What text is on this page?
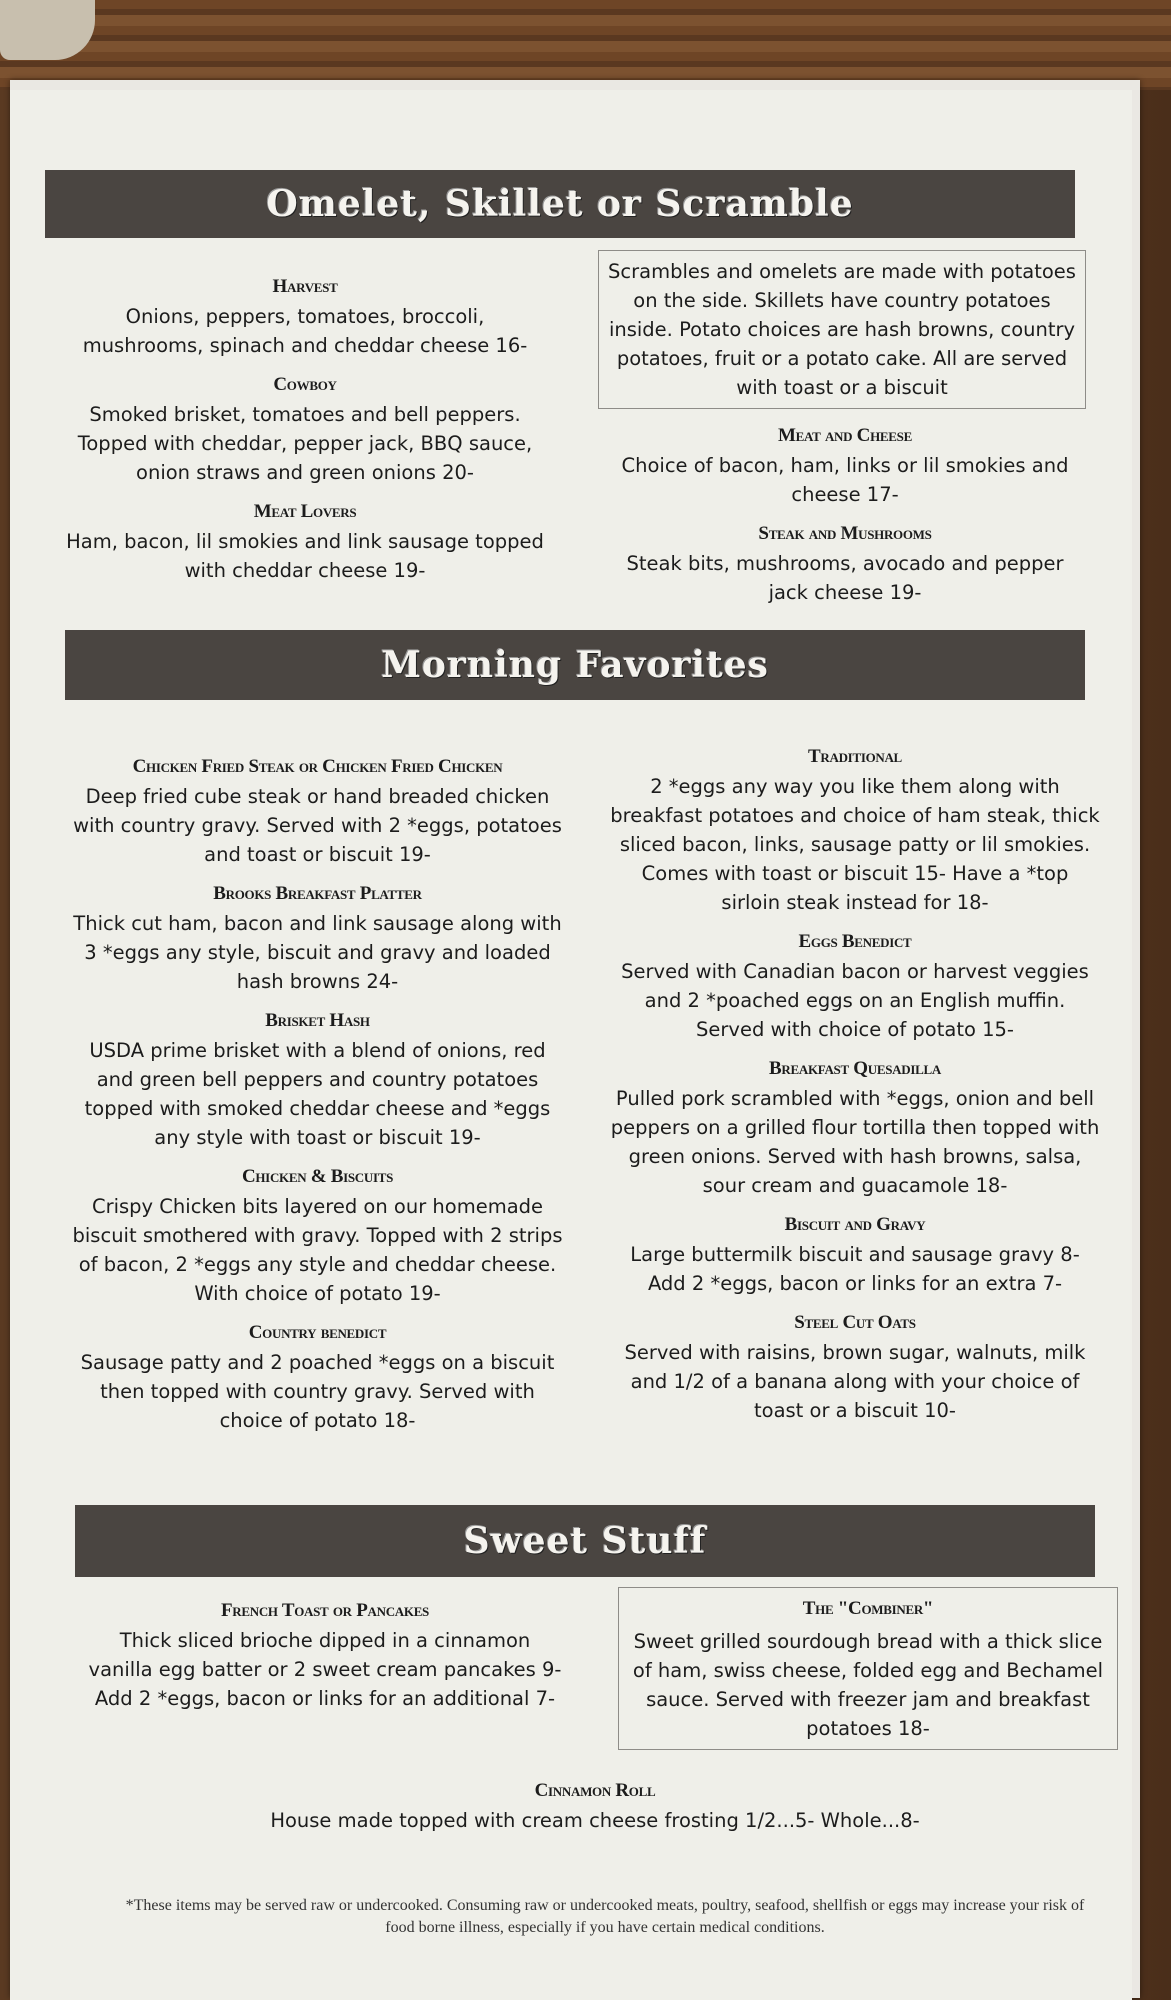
Omelet, Skillet or Scramble
Harvest
Onions, peppers, tomatoes, broccoli, mushrooms, spinach and cheddar cheese 16-
Cowboy
Smoked brisket, tomatoes and bell peppers. Topped with cheddar, pepper jack, BBQ sauce, onion straws and green onions 20-
Meat Lovers
Ham, bacon, lil smokies and link sausage topped with cheddar cheese 19-
Scrambles and omelets are made with potatoes on the side. Skillets have country potatoes inside. Potato choices are hash browns, country potatoes, fruit or a potato cake. All are served with toast or a biscuit
Meat and Cheese
Choice of bacon, ham, links or lil smokies and cheese 17-
Steak and Mushrooms
Steak bits, mushrooms, avocado and pepper jack cheese 19-
Morning Favorites
Chicken Fried Steak or Chicken Fried Chicken
Deep fried cube steak or hand breaded chicken with country gravy. Served with 2 *eggs, potatoes and toast or biscuit 19-
Brooks Breakfast Platter
Thick cut ham, bacon and link sausage along with 3 *eggs any style, biscuit and gravy and loaded hash browns 24-
Brisket Hash
USDA prime brisket with a blend of onions, red and green bell peppers and country potatoes topped with smoked cheddar cheese and *eggs any style with toast or biscuit 19-
Chicken & Biscuits
Crispy Chicken bits layered on our homemade biscuit smothered with gravy. Topped with 2 strips of bacon, 2 *eggs any style and cheddar cheese. With choice of potato 19-
Country benedict
Sausage patty and 2 poached *eggs on a biscuit then topped with country gravy. Served with choice of potato 18-
Traditional
2 *eggs any way you like them along with breakfast potatoes and choice of ham steak, thick sliced bacon, links, sausage patty or lil smokies. Comes with toast or biscuit 15- Have a *top sirloin steak instead for 18-
Eggs Benedict
Served with Canadian bacon or harvest veggies and 2 *poached eggs on an English muffin. Served with choice of potato 15-
Breakfast Quesadilla
Pulled pork scrambled with *eggs, onion and bell peppers on a grilled flour tortilla then topped with green onions. Served with hash browns, salsa, sour cream and guacamole 18-
Biscuit and Gravy
Large buttermilk biscuit and sausage gravy 8- Add 2 *eggs, bacon or links for an extra 7-
Steel Cut Oats
Served with raisins, brown sugar, walnuts, milk and 1/2 of a banana along with your choice of toast or a biscuit 10-
Sweet Stuff
French Toast or Pancakes
Thick sliced brioche dipped in a cinnamon vanilla egg batter or 2 sweet cream pancakes 9- Add 2 *eggs, bacon or links for an additional 7-
The "Combiner"
Sweet grilled sourdough bread with a thick slice of ham, swiss cheese, folded egg and Bechamel sauce. Served with freezer jam and breakfast potatoes 18-
Cinnamon Roll
House made topped with cream cheese frosting 1/2...5- Whole...8-
*These items may be served raw or undercooked. Consuming raw or undercooked meats, poultry, seafood, shellfish or eggs may increase your risk of food borne illness, especially if you have certain medical conditions.
